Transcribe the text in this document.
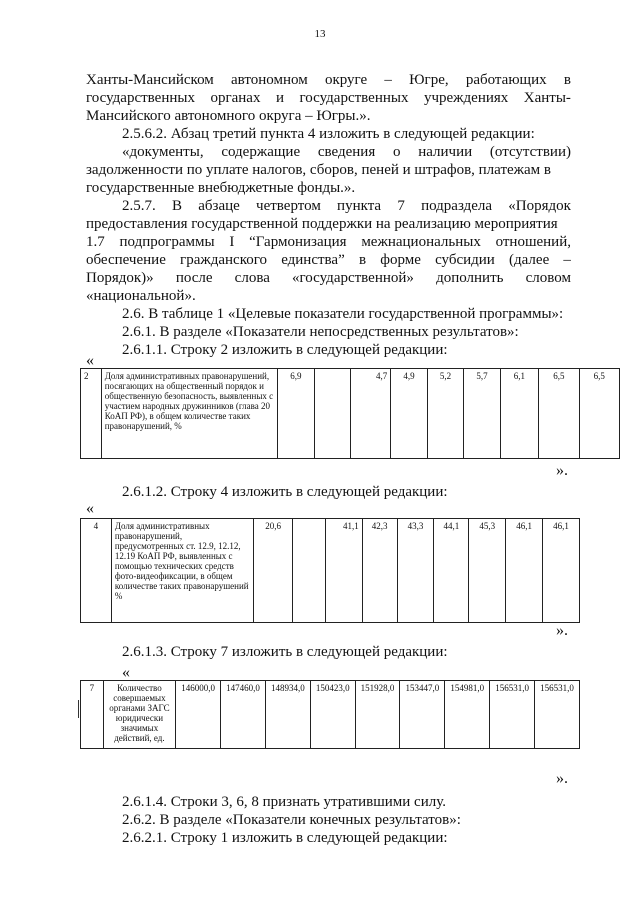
13
Ханты-Мансийском автономном округе – Югре, работающих в
государственных органах и государственных учреждениях Ханты-
Мансийского автономного округа – Югры.».
2.5.6.2. Абзац третий пункта 4 изложить в следующей редакции:
«документы, содержащие сведения о наличии (отсутствии)
задолженности по уплате налогов, сборов, пеней и штрафов, платежам в
государственные внебюджетные фонды.».
2.5.7. В абзаце четвертом пункта 7 подраздела «Порядок
предоставления государственной поддержки на реализацию мероприятия
1.7 подпрограммы I “Гармонизация межнациональных отношений,
обеспечение гражданского единства” в форме субсидии (далее –
Порядок)» после слова «государственной» дополнить словом
«национальной».
2.6. В таблице 1 «Целевые показатели государственной программы»:
2.6.1. В разделе «Показатели непосредственных результатов»:
2.6.1.1. Строку 2 изложить в следующей редакции:
«
2	Доля административных правонарушений, посягающих на общественный порядок и общественную безопасность, выявленных с участием народных дружинников (глава 20 КоАП РФ), в общем количестве таких правонарушений, %	6,9		4,7	4,9	5,2	5,7	6,1	6,5	6,5
».
2.6.1.2. Строку 4 изложить в следующей редакции:
«
4	Доля административных правонарушений, предусмотренных ст. 12.9, 12.12, 12.19 КоАП РФ, выявленных с помощью технических средств фото-видеофиксации, в общем количестве таких правонарушений %	20,6		41,1	42,3	43,3	44,1	45,3	46,1	46,1
».
2.6.1.3. Строку 7 изложить в следующей редакции:
«
7	Количество совершаемых органами ЗАГС юридически значимых действий, ед.	146000,0	147460,0	148934,0	150423,0	151928,0	153447,0	154981,0	156531,0	156531,0
».
2.6.1.4. Строки 3, 6, 8 признать утратившими силу.
2.6.2. В разделе «Показатели конечных результатов»:
2.6.2.1. Строку 1 изложить в следующей редакции:
